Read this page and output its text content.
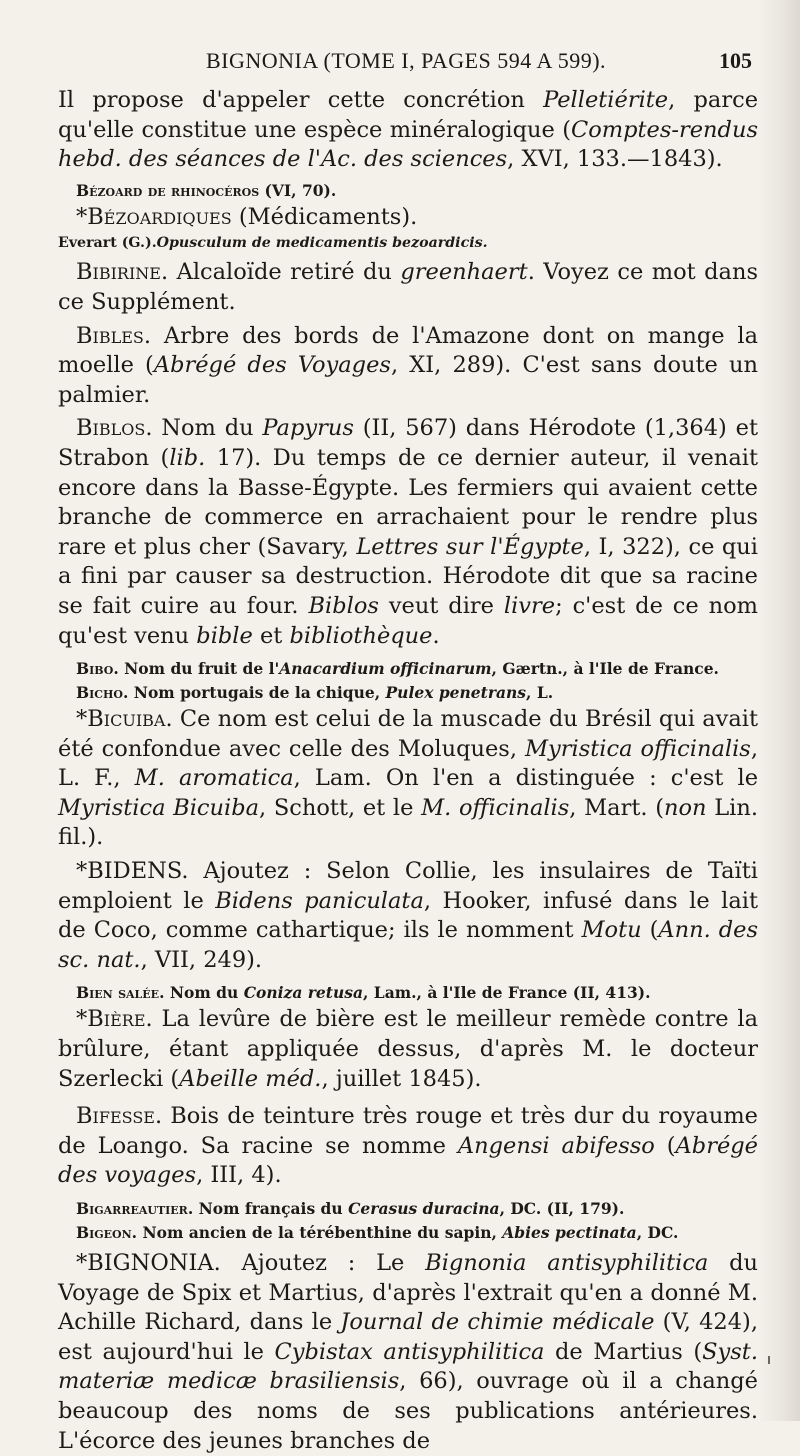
BIGNONIA (TOME I, PAGES 594 A 599).	105

Il propose d'appeler cette concrétion Pelletiérite, parce qu'elle constitue une espèce minéralogique (Comptes-rendus hebd. des séances de l'Ac. des sciences, XVI, 133.—1843).

Bézoard de rhinocéros (VI, 70).

*Bézoardiques (Médicaments).

Everart (G.).Opusculum de medicamentis bezoardicis.

Bibirine. Alcaloïde retiré du greenhaert. Voyez ce mot dans ce Supplément.

Bibles. Arbre des bords de l'Amazone dont on mange la moelle (Abrégé des Voyages, XI, 289). C'est sans doute un palmier.

Biblos. Nom du Papyrus (II, 567) dans Hérodote (1,364) et Strabon (lib. 17). Du temps de ce dernier auteur, il venait encore dans la Basse-Égypte. Les fermiers qui avaient cette branche de commerce en arrachaient pour le rendre plus rare et plus cher (Savary, Lettres sur l'Égypte, I, 322), ce qui a fini par causer sa destruction. Hérodote dit que sa racine se fait cuire au four. Biblos veut dire livre; c'est de ce nom qu'est venu bible et bibliothèque.

Bibo. Nom du fruit de l'Anacardium officinarum, Gærtn., à l'Ile de France.

Bicho. Nom portugais de la chique, Pulex penetrans, L.

*Bicuiba. Ce nom est celui de la muscade du Brésil qui avait été confondue avec celle des Moluques, Myristica officinalis, L. F., M. aromatica, Lam. On l'en a distinguée : c'est le Myristica Bicuiba, Schott, et le M. officinalis, Mart. (non Lin. fil.).

*BIDENS. Ajoutez : Selon Collie, les insulaires de Taïti emploient le Bidens paniculata, Hooker, infusé dans le lait de Coco, comme cathartique; ils le nomment Motu (Ann. des sc. nat., VII, 249).

Bien salée. Nom du Coniza retusa, Lam., à l'Ile de France (II, 413).

*Bière. La levûre de bière est le meilleur remède contre la brûlure, étant appliquée dessus, d'après M. le docteur Szerlecki (Abeille méd., juillet 1845).

Bifesse. Bois de teinture très rouge et très dur du royaume de Loango. Sa racine se nomme Angensi abifesso (Abrégé des voyages, III, 4).

Bigarreautier. Nom français du Cerasus duracina, DC. (II, 179).

Bigeon. Nom ancien de la térébenthine du sapin, Abies pectinata, DC.

*BIGNONIA. Ajoutez : Le Bignonia antisyphilitica du Voyage de Spix et Martius, d'après l'extrait qu'en a donné M. Achille Richard, dans le Journal de chimie médicale (V, 424), est aujourd'hui le Cybistax antisyphilitica de Martius (Syst. materiæ medicæ brasiliensis, 66), ouvrage où il a changé beaucoup des noms de ses publications antérieures. L'écorce des jeunes branches de
